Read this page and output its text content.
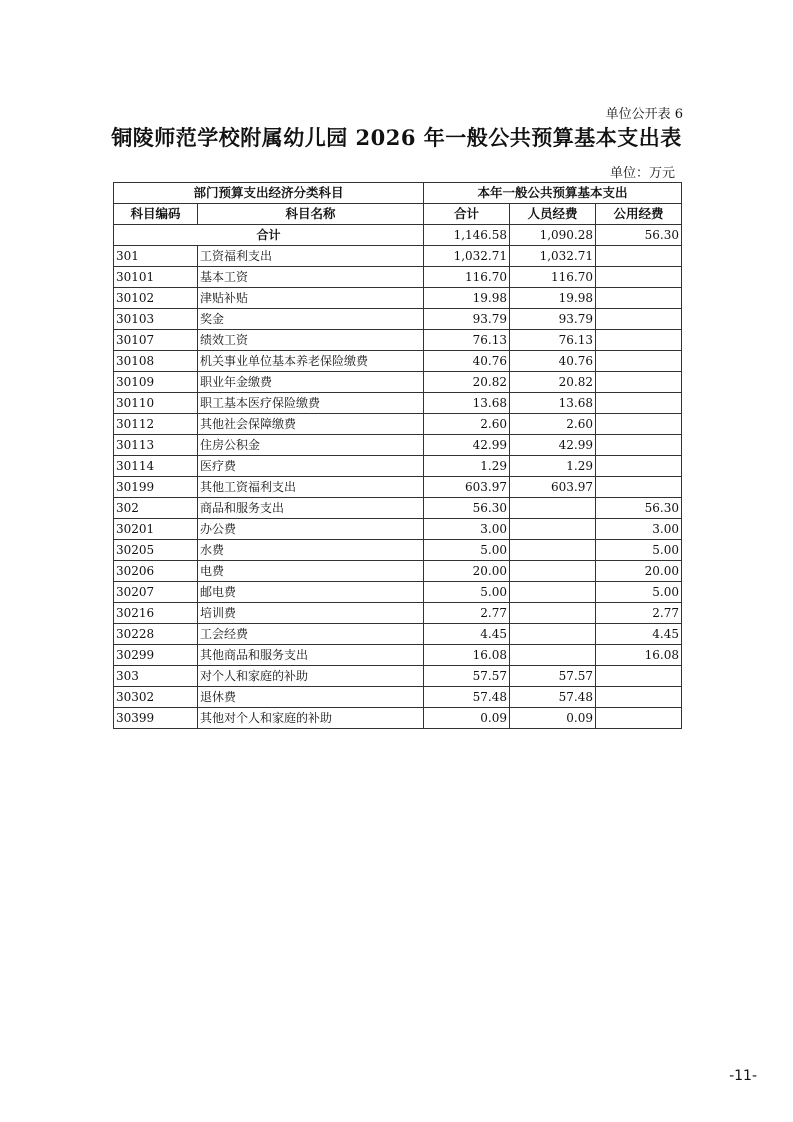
单位公开表 6
铜陵师范学校附属幼儿园 2026 年一般公共预算基本支出表
单位：万元
部门预算支出经济分类科目		本年一般公共预算基本支出		
科目编码	科目名称	合计	人员经费	公用经费
合计		1,146.58	1,090.28	56.30
301	工资福利支出	1,032.71	1,032.71	
30101	基本工资	116.70	116.70	
30102	津贴补贴	19.98	19.98	
30103	奖金	93.79	93.79	
30107	绩效工资	76.13	76.13	
30108	机关事业单位基本养老保险缴费	40.76	40.76	
30109	职业年金缴费	20.82	20.82	
30110	职工基本医疗保险缴费	13.68	13.68	
30112	其他社会保障缴费	2.60	2.60	
30113	住房公积金	42.99	42.99	
30114	医疗费	1.29	1.29	
30199	其他工资福利支出	603.97	603.97	
302	商品和服务支出	56.30		56.30
30201	办公费	3.00		3.00
30205	水费	5.00		5.00
30206	电费	20.00		20.00
30207	邮电费	5.00		5.00
30216	培训费	2.77		2.77
30228	工会经费	4.45		4.45
30299	其他商品和服务支出	16.08		16.08
303	对个人和家庭的补助	57.57	57.57	
30302	退休费	57.48	57.48	
30399	其他对个人和家庭的补助	0.09	0.09	
-11-
